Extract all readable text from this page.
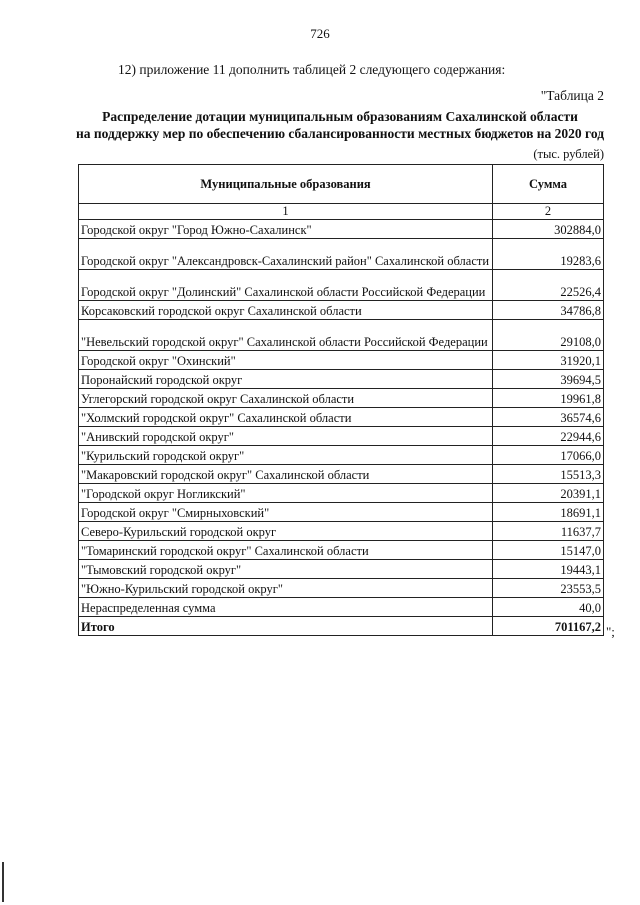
726
12) приложение 11 дополнить таблицей 2 следующего содержания:
"Таблица 2
Распределение дотации муниципальным образованиям Сахалинской области
на поддержку мер по обеспечению сбалансированности местных бюджетов на 2020 год
(тыс. рублей)
Муниципальные образования	Сумма
1	2
Городской округ "Город Южно-Сахалинск"	302884,0
Городской округ "Александровск-Сахалинский район" Сахалинской области	19283,6
Городской округ "Долинский" Сахалинской области Российской Федерации	22526,4
Корсаковский городской округ Сахалинской области	34786,8
"Невельский городской округ" Сахалинской области Российской Федерации	29108,0
Городской округ "Охинский"	31920,1
Поронайский городской округ	39694,5
Углегорский городской округ Сахалинской области	19961,8
"Холмский городской округ" Сахалинской области	36574,6
"Анивский городской округ"	22944,6
"Курильский городской округ"	17066,0
"Макаровский городской округ" Сахалинской области	15513,3
"Городской округ Ногликский"	20391,1
Городской округ "Смирныховский"	18691,1
Северо-Курильский городской округ	11637,7
"Томаринский городской округ" Сахалинской области	15147,0
"Тымовский городской округ"	19443,1
"Южно-Курильский городской округ"	23553,5
Нераспределенная сумма	40,0
Итого	701167,2 ";
